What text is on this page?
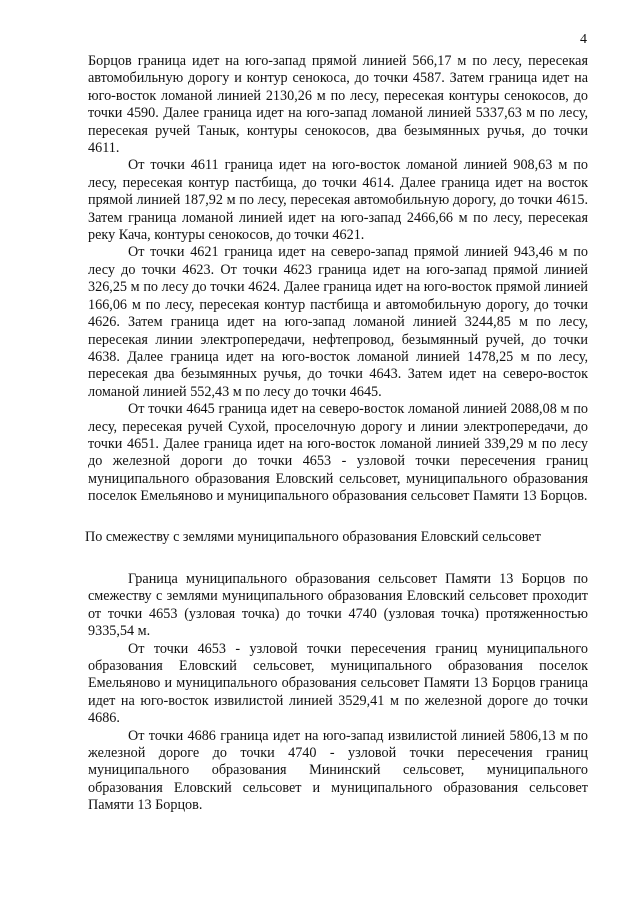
4

Борцов граница идет на юго-запад прямой линией 566,17 м по лесу, пересекая автомобильную дорогу и контур сенокоса, до точки 4587. Затем граница идет на юго-восток ломаной линией 2130,26 м по лесу, пересекая контуры сенокосов, до точки 4590. Далее граница идет на юго-запад ломаной линией 5337,63 м по лесу, пересекая ручей Танык, контуры сенокосов, два безымянных ручья, до точки 4611.

От точки 4611 граница идет на юго-восток ломаной линией 908,63 м по лесу, пересекая контур пастбища, до точки 4614. Далее граница идет на восток прямой линией 187,92 м по лесу, пересекая автомобильную дорогу, до точки 4615. Затем граница ломаной линией идет на юго-запад 2466,66 м по лесу, пересекая реку Кача, контуры сенокосов, до точки 4621.

От точки 4621 граница идет на северо-запад прямой линией 943,46 м по лесу до точки 4623. От точки 4623 граница идет на юго-запад прямой линией 326,25 м по лесу до точки 4624. Далее граница идет на юго-восток прямой линией 166,06 м по лесу, пересекая контур пастбища и автомобильную дорогу, до точки 4626. Затем граница идет на юго-запад ломаной линией 3244,85 м по лесу, пересекая линии электропередачи, нефтепровод, безымянный ручей, до точки 4638. Далее граница идет на юго-восток ломаной линией 1478,25 м по лесу, пересекая два безымянных ручья, до точки 4643. Затем идет на северо-восток ломаной линией 552,43 м по лесу до точки 4645.

От точки 4645 граница идет на северо-восток ломаной линией 2088,08 м по лесу, пересекая ручей Сухой, проселочную дорогу и линии электропередачи, до точки 4651. Далее граница идет на юго-восток ломаной линией 339,29 м по лесу до железной дороги до точки 4653 - узловой точки пересечения границ муниципального образования Еловский сельсовет, муниципального образования поселок Емельяново и муниципального образования сельсовет Памяти 13 Борцов.

По смежеству с землями муниципального образования Еловский сельсовет

Граница муниципального образования сельсовет Памяти 13 Борцов по смежеству с землями муниципального образования Еловский сельсовет проходит от точки 4653 (узловая точка) до точки 4740 (узловая точка) протяженностью 9335,54 м.

От точки 4653 - узловой точки пересечения границ муниципального образования Еловский сельсовет, муниципального образования поселок Емельяново и муниципального образования сельсовет Памяти 13 Борцов граница идет на юго-восток извилистой линией 3529,41 м по железной дороге до точки 4686.

От точки 4686 граница идет на юго-запад извилистой линией 5806,13 м по железной дороге до точки 4740 - узловой точки пересечения границ муниципального образования Мининский сельсовет, муниципального образования Еловский сельсовет и муниципального образования сельсовет Памяти 13 Борцов.
